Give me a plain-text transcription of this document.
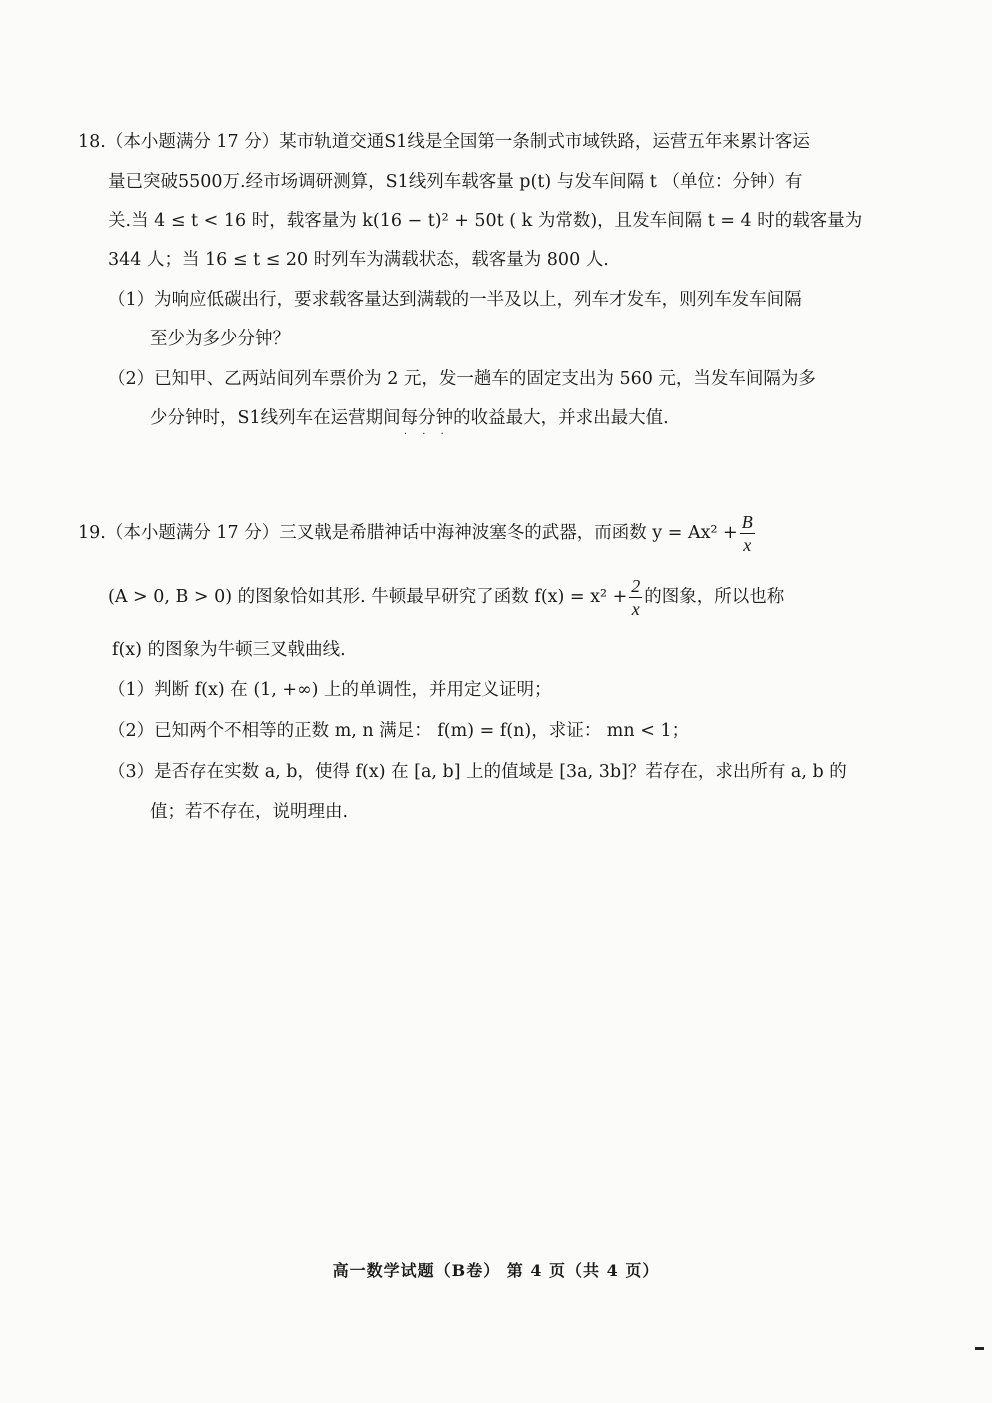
18.（本小题满分 17 分）某市轨道交通S1线是全国第一条制式市域铁路，运营五年来累计客运
量已突破5500万.经市场调研测算，S1线列车载客量 p(t) 与发车间隔 t （单位：分钟）有
关.当 4 ≤ t < 16 时，载客量为 k(16 − t)² + 50t ( k 为常数)，且发车间隔 t = 4 时的载客量为
344 人；当 16 ≤ t ≤ 20 时列车为满载状态，载客量为 800 人.
（1）为响应低碳出行，要求载客量达到满载的一半及以上，列车才发车，则列车发车间隔
至少为多少分钟？
（2）已知甲、乙两站间列车票价为 2 元，发一趟车的固定支出为 560 元，当发车间隔为多
少分钟时，S1线列车在运营期间每分钟
· · ·
的收益最大，并求出最大值.
19.（本小题满分 17 分）三叉戟是希腊神话中海神波塞冬的武器，而函数 $y = Ax^2 + \frac{B}{x}$
(A > 0, B > 0) 的图象恰如其形. 牛顿最早研究了函数 $f(x) = x^2 + \frac{2}{x}$ 的图象，所以也称
f(x) 的图象为牛顿三叉戟曲线.
（1）判断 f(x) 在 (1, +∞) 上的单调性，并用定义证明；
（2）已知两个不相等的正数 m, n 满足： f(m) = f(n)，求证： mn < 1；
（3）是否存在实数 a, b，使得 f(x) 在 [a, b] 上的值域是 [3a, 3b]？若存在，求出所有 a, b 的
值；若不存在，说明理由.
高一数学试题（B卷） 第 4 页（共 4 页）
